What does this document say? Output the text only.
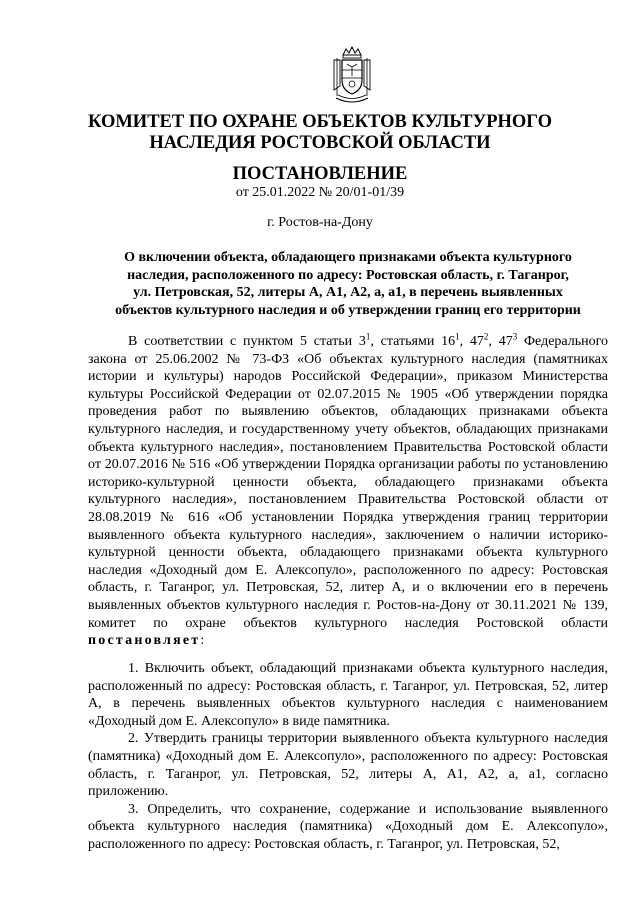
КОМИТЕТ ПО ОХРАНЕ ОБЪЕКТОВ КУЛЬТУРНОГО
НАСЛЕДИЯ РОСТОВСКОЙ ОБЛАСТИ
ПОСТАНОВЛЕНИЕ
от 25.01.2022 № 20/01-01/39
г. Ростов-на-Дону
О включении объекта, обладающего признаками объекта культурного
наследия, расположенного по адресу: Ростовская область, г. Таганрог,
ул. Петровская, 52, литеры А, А1, А2, а, а1, в перечень выявленных
объектов культурного наследия и об утверждении границ его территории

В соответствии с пунктом 5 статьи $3^1$, статьями $16^1$, $47^2$, $47^3$ Федерального закона от 25.06.2002 № 73-ФЗ «Об объектах культурного наследия (памятниках истории и культуры) народов Российской Федерации», приказом Министерства культуры Российской Федерации от 02.07.2015 № 1905 «Об утверждении порядка проведения работ по выявлению объектов, обладающих признаками объекта культурного наследия, и государственному учету объектов, обладающих признаками объекта культурного наследия», постановлением Правительства Ростовской области от 20.07.2016 № 516 «Об утверждении Порядка организации работы по установлению историко-культурной ценности объекта, обладающего признаками объекта культурного наследия», постановлением Правительства Ростовской области от 28.08.2019 № 616 «Об установлении Порядка утверждения границ территории выявленного объекта культурного наследия», заключением о наличии историко-культурной ценности объекта, обладающего признаками объекта культурного наследия «Доходный дом Е. Алексопуло», расположенного по адресу: Ростовская область, г. Таганрог, ул. Петровская, 52, литер А, и о включении его в перечень выявленных объектов культурного наследия г. Ростов-на-Дону от 30.11.2021 № 139, комитет по охране объектов культурного наследия Ростовской области постановляет:

1. Включить объект, обладающий признаками объекта культурного наследия, расположенный по адресу: Ростовская область, г. Таганрог, ул. Петровская, 52, литер А, в перечень выявленных объектов культурного наследия с наименованием «Доходный дом Е. Алексопуло» в виде памятника.

2. Утвердить границы территории выявленного объекта культурного наследия (памятника) «Доходный дом Е. Алексопуло», расположенного по адресу: Ростовская область, г. Таганрог, ул. Петровская, 52, литеры А, А1, А2, а, а1, согласно приложению.

3. Определить, что сохранение, содержание и использование выявленного объекта культурного наследия (памятника) «Доходный дом Е. Алексопуло», расположенного по адресу: Ростовская область, г. Таганрог, ул. Петровская, 52,
